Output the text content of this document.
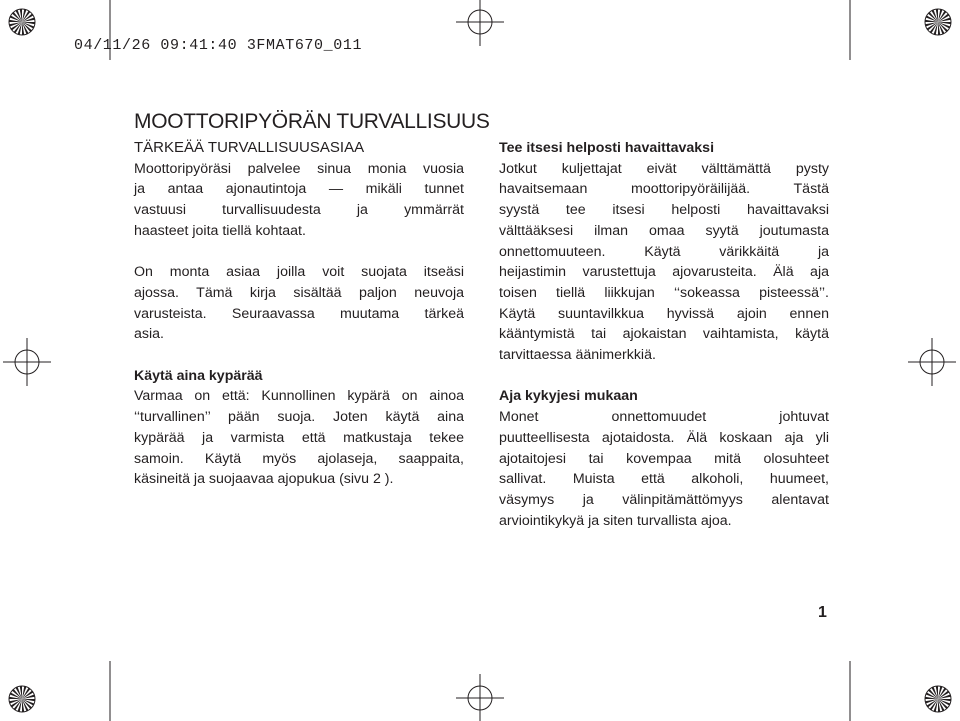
04/11/26 09:41:40 3FMAT670_011
MOOTTORIPYÖRÄN TURVALLISUUS

TÄRKEÄÄ TURVALLISUUSASIAA

Moottoripyöräsi palvelee sinua monia vuosia
ja antaa ajonautintoja — mikäli tunnet
vastuusi turvallisuudesta ja ymmärrät
haasteet joita tiellä kohtaat.
On monta asiaa joilla voit suojata itseäsi
ajossa. Tämä kirja sisältää paljon neuvoja
varusteista. Seuraavassa muutama tärkeä
asia.

Käytä aina kypärää

Varmaa on että: Kunnollinen kypärä on ainoa
‘‘turvallinen’’ pään suoja. Joten käytä aina
kypärää ja varmista että matkustaja tekee
samoin. Käytä myös ajolaseja, saappaita,
käsineitä ja suojaavaa ajopukua (sivu 2 ).

Tee itsesi helposti havaittavaksi

Jotkut kuljettajat eivät välttämättä pysty
havaitsemaan moottoripyöräilijää. Tästä
syystä tee itsesi helposti havaittavaksi
välttääksesi ilman omaa syytä joutumasta
onnettomuuteen. Käytä värikkäitä ja
heijastimin varustettuja ajovarusteita. Älä aja
toisen tiellä liikkujan ‘‘sokeassa pisteessä’’.
Käytä suuntavilkkua hyvissä ajoin ennen
kääntymistä tai ajokaistan vaihtamista, käytä
tarvittaessa äänimerkkiä.

Aja kykyjesi mukaan

Monet onnettomuudet johtuvat
puutteellisesta ajotaidosta. Älä koskaan aja yli
ajotaitojesi tai kovempaa mitä olosuhteet
sallivat. Muista että alkoholi, huumeet,
väsymys ja välinpitämättömyys alentavat
arviointikykyä ja siten turvallista ajoa.
1
